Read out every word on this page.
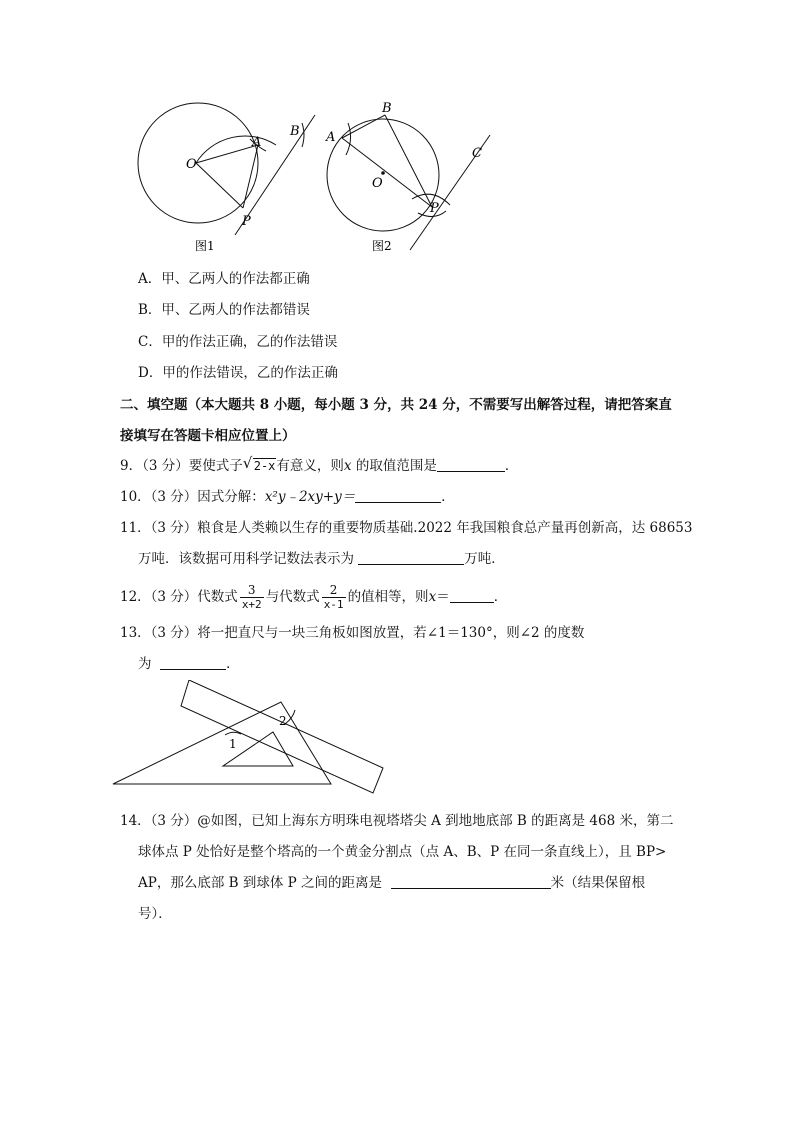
O
A
B
P
图1
A
B
C
O
P
图2
A．甲、乙两人的作法都正确
B．甲、乙两人的作法都错误
C．甲的作法正确，乙的作法错误
D．甲的作法错误，乙的作法正确
二、填空题（本大题共 8 小题，每小题 3 分，共 24 分，不需要写出解答过程，请把答案直
接填写在答题卡相应位置上）
9．（3 分）要使式子 √ 2-x有意义，则x 的取值范围是	．
10．（3 分）因式分解：x²y﹣2xy+y＝	．
11．（3 分）粮食是人类赖以生存的重要物质基础.2022 年我国粮食总产量再创新高，达 68653
万吨．该数据可用科学记数法表示为	万吨．
12．（3 分）代数式 $\frac{3}{x+2}$ 与代数式 $\frac{2}{x-1}$ 的值相等，则x＝	．
13．（3 分）将一把直尺与一块三角板如图放置，若∠1＝130°，则∠2 的度数
为	．
1
2
14．（3 分）@如图，已知上海东方明珠电视塔塔尖 A 到地地底部 B 的距离是 468 米，第二
球体点 P 处恰好是整个塔高的一个黄金分割点（点 A、B、P 在同一条直线上），且 BP>
AP，那么底部 B 到球体 P 之间的距离是	米（结果保留根
号）．
